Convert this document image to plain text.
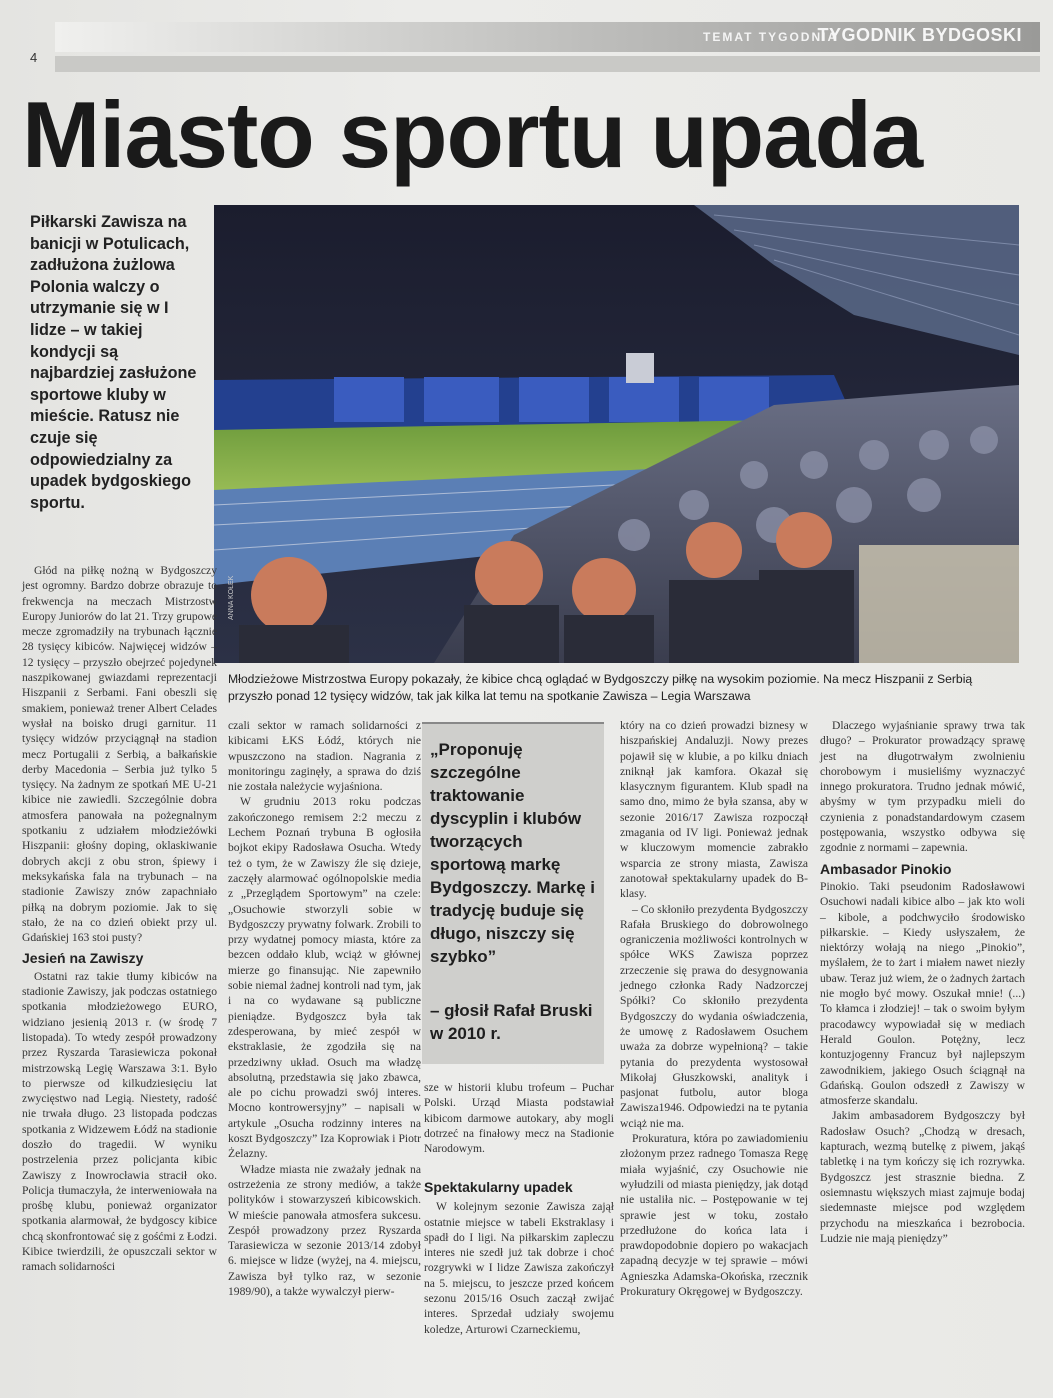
TEMAT TYGODNIA
TYGODNIK BYDGOSKI
4
Miasto sportu upada
Piłkarski Zawisza na banicji w Potulicach, zadłużona żużlowa Polonia walczy o utrzymanie się w I lidze – w takiej kondycji są najbardziej zasłużone sportowe kluby w mieście. Ratusz nie czuje się odpowiedzialny za upadek bydgoskiego sportu.
ANNA KOŁEK
Młodzieżowe Mistrzostwa Europy pokazały, że kibice chcą oglądać w Bydgoszczy piłkę na wysokim poziomie. Na mecz Hiszpanii z Serbią przyszło ponad 12 tysięcy widzów, tak jak kilka lat temu na spotkanie Zawisza – Legia Warszawa

Głód na piłkę nożną w Bydgoszczy jest ogromny. Bardzo dobrze obrazuje to frekwencja na meczach Mistrzostw Europy Juniorów do lat 21. Trzy grupowe mecze zgromadziły na trybunach łącznie 28 tysięcy kibiców. Najwięcej widzów – 12 tysięcy – przyszło obejrzeć pojedynek naszpikowanej gwiazdami reprezentacji Hiszpanii z Serbami. Fani obeszli się smakiem, ponieważ trener Albert Celades wysłał na boisko drugi garnitur. 11 tysięcy widzów przyciągnął na stadion mecz Portugalii z Serbią, a bałkańskie derby Macedonia – Serbia już tylko 5 tysięcy. Na żadnym ze spotkań ME U-21 kibice nie zawiedli. Szczególnie dobra atmosfera panowała na pożegnalnym spotkaniu z udziałem młodzieżówki Hiszpanii: głośny doping, oklaskiwanie dobrych akcji z obu stron, śpiewy i meksykańska fala na trybunach – na stadionie Zawiszy znów zapachniało piłką na dobrym poziomie. Jak to się stało, że na co dzień obiekt przy ul. Gdańskiej 163 stoi pusty?

Jesień na Zawiszy

Ostatni raz takie tłumy kibiców na stadionie Zawiszy, jak podczas ostatniego spotkania młodzieżowego EURO, widziano jesienią 2013 r. (w środę 7 listopada). To wtedy zespół prowadzony przez Ryszarda Tarasiewicza pokonał mistrzowską Legię Warszawa 3:1. Było to pierwsze od kilkudziesięciu lat zwycięstwo nad Legią. Niestety, radość nie trwała długo. 23 listopada podczas spotkania z Widzewem Łódź na stadionie doszło do tragedii. W wyniku postrzelenia przez policjanta kibic Zawiszy z Inowrocławia stracił oko. Policja tłumaczyła, że interweniowała na prośbę klubu, ponieważ organizator spotkania alarmował, że bydgoscy kibice chcą skonfrontować się z gośćmi z Łodzi. Kibice twierdzili, że opuszczali sektor w ramach solidarności

czali sektor w ramach solidarności z kibicami ŁKS Łódź, których nie wpuszczono na stadion. Nagrania z monitoringu zaginęły, a sprawa do dziś nie została należycie wyjaśniona.

W grudniu 2013 roku podczas zakończonego remisem 2:2 meczu z Lechem Poznań trybuna B ogłosiła bojkot ekipy Radosława Osucha. Wtedy też o tym, że w Zawiszy źle się dzieje, zaczęły alarmować ogólnopolskie media z „Przeglądem Sportowym” na czele: „Osuchowie stworzyli sobie w Bydgoszczy prywatny folwark. Zrobili to przy wydatnej pomocy miasta, które za bezcen oddało klub, wciąż w głównej mierze go finansując. Nie zapewniło sobie niemal żadnej kontroli nad tym, jak i na co wydawane są publiczne pieniądze. Bydgoszcz była tak zdesperowana, by mieć zespół w ekstraklasie, że zgodziła się na przedziwny układ. Osuch ma władzę absolutną, przedstawia się jako zbawca, ale po cichu prowadzi swój interes. Mocno kontrowersyjny” – napisali w artykule „Osucha rodzinny interes na koszt Bydgoszczy” Iza Koprowiak i Piotr Żelazny.

Władze miasta nie zważały jednak na ostrzeżenia ze strony mediów, a także polityków i stowarzyszeń kibicowskich. W mieście panowała atmosfera sukcesu. Zespół prowadzony przez Ryszarda Tarasiewicza w sezonie 2013/14 zdobył 6. miejsce w lidze (wyżej, na 4. miejscu, Zawisza był tylko raz, w sezonie 1989/90), a także wywalczył pierw-

„Proponuję szczególne traktowanie dyscyplin i klubów tworzących sportową markę Bydgoszczy. Markę i tradycję buduje się długo, niszczy się szybko”
– głosił Rafał Bruski w 2010 r.

sze w historii klubu trofeum – Puchar Polski. Urząd Miasta podstawiał kibicom darmowe autokary, aby mogli dotrzeć na finałowy mecz na Stadionie Narodowym.

Spektakularny upadek

W kolejnym sezonie Zawisza zajął ostatnie miejsce w tabeli Ekstraklasy i spadł do I ligi. Na piłkarskim zapleczu interes nie szedł już tak dobrze i choć rozgrywki w I lidze Zawisza zakończył na 5. miejscu, to jeszcze przed końcem sezonu 2015/16 Osuch zaczął zwijać interes. Sprzedał udziały swojemu koledze, Arturowi Czarneckiemu,

który na co dzień prowadzi biznesy w hiszpańskiej Andaluzji. Nowy prezes pojawił się w klubie, a po kilku dniach zniknął jak kamfora. Okazał się klasycznym figurantem. Klub spadł na samo dno, mimo że była szansa, aby w sezonie 2016/17 Zawisza rozpoczął zmagania od IV ligi. Ponieważ jednak w kluczowym momencie zabrakło wsparcia ze strony miasta, Zawisza zanotował spektakularny upadek do B-klasy.

– Co skłoniło prezydenta Bydgoszczy Rafała Bruskiego do dobrowolnego ograniczenia możliwości kontrolnych w spółce WKS Zawisza poprzez zrzeczenie się prawa do desygnowania jednego członka Rady Nadzorczej Spółki? Co skłoniło prezydenta Bydgoszczy do wydania oświadczenia, że umowę z Radosławem Osuchem uważa za dobrze wypełnioną? – takie pytania do prezydenta wystosował Mikołaj Głuszkowski, analityk i pasjonat futbolu, autor bloga Zawisza1946. Odpowiedzi na te pytania wciąż nie ma.

Prokuratura, która po zawiadomieniu złożonym przez radnego Tomasza Regę miała wyjaśnić, czy Osuchowie nie wyłudzili od miasta pieniędzy, jak dotąd nie ustaliła nic. – Postępowanie w tej sprawie jest w toku, zostało przedłużone do końca lata i prawdopodobnie dopiero po wakacjach zapadną decyzje w tej sprawie – mówi Agnieszka Adamska-Okońska, rzecznik Prokuratury Okręgowej w Bydgoszczy.

Dlaczego wyjaśnianie sprawy trwa tak długo? – Prokurator prowadzący sprawę jest na długotrwałym zwolnieniu chorobowym i musieliśmy wyznaczyć innego prokuratora. Trudno jednak mówić, abyśmy w tym przypadku mieli do czynienia z ponadstandardowym czasem postępowania, wszystko odbywa się zgodnie z normami – zapewnia.

Ambasador Pinokio

Pinokio. Taki pseudonim Radosławowi Osuchowi nadali kibice albo – jak kto woli – kibole, a podchwyciło środowisko piłkarskie. – Kiedy usłyszałem, że niektórzy wołają na niego „Pinokio”, myślałem, że to żart i miałem nawet niezły ubaw. Teraz już wiem, że o żadnych żartach nie mogło być mowy. Oszukał mnie! (...) To kłamca i złodziej! – tak o swoim byłym pracodawcy wypowiadał się w mediach Herald Goulon. Potężny, lecz kontuzjogenny Francuz był najlepszym zawodnikiem, jakiego Osuch ściągnął na Gdańską. Goulon odszedł z Zawiszy w atmosferze skandalu.

Jakim ambasadorem Bydgoszczy był Radosław Osuch? „Chodzą w dresach, kapturach, wezmą butelkę z piwem, jakąś tabletkę i na tym kończy się ich rozrywka. Bydgoszcz jest strasznie biedna. Z osiemnastu większych miast zajmuje bodaj siedemnaste miejsce pod względem przychodu na mieszkańca i bezrobocia. Ludzie nie mają pieniędzy”
